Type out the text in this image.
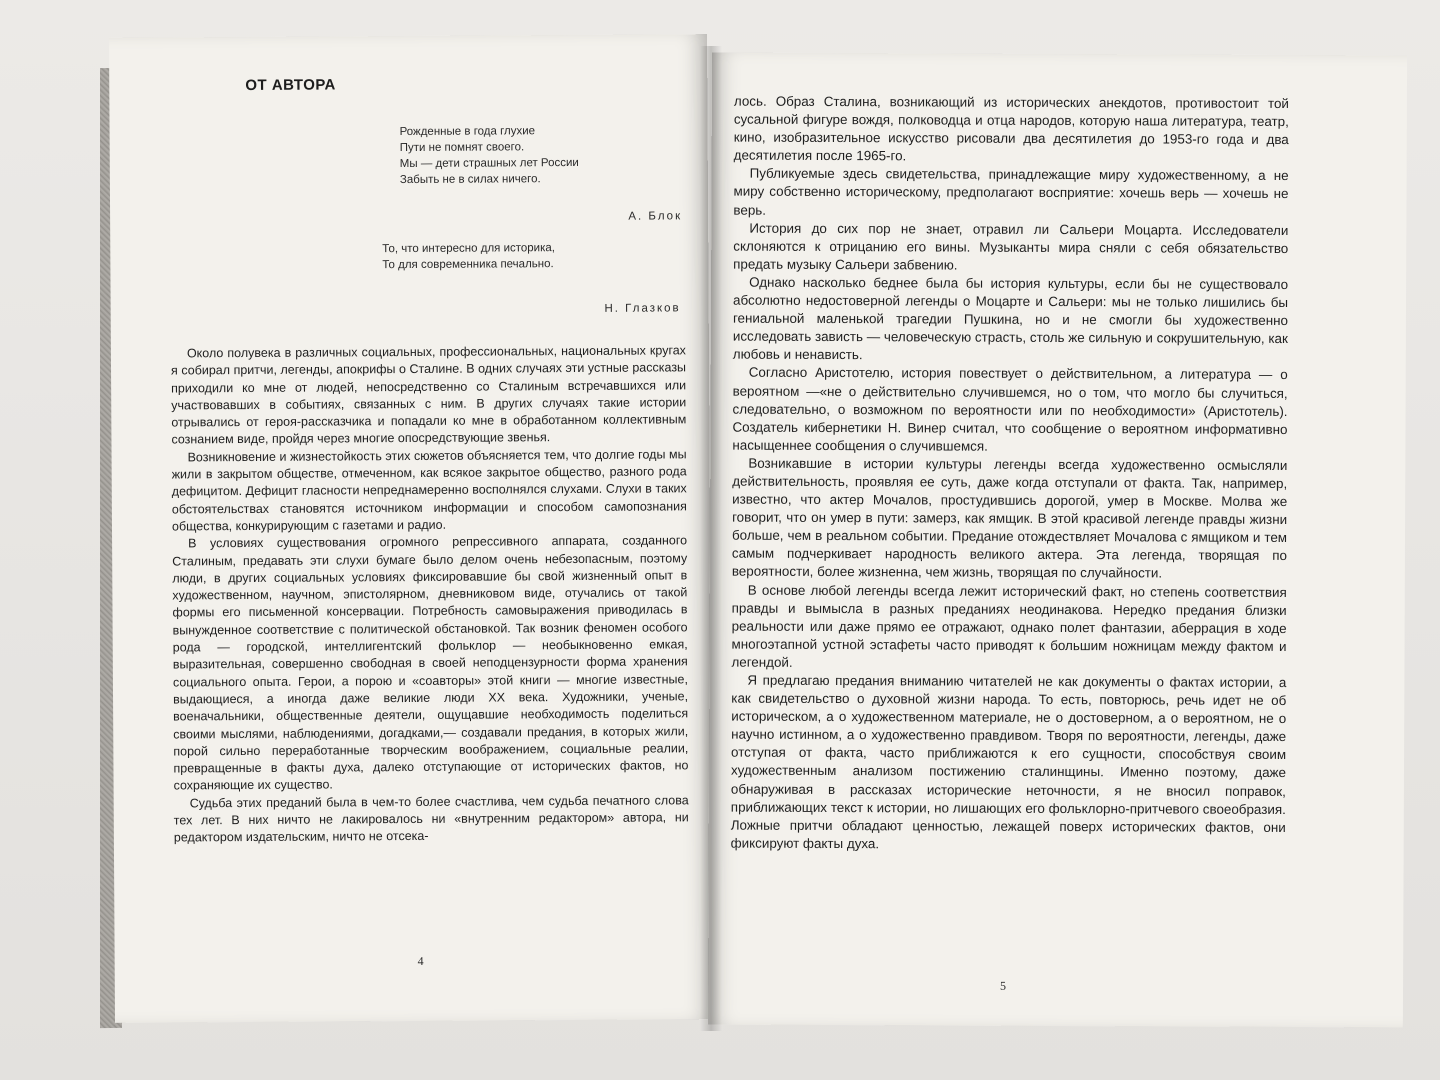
ОТ АВТОРА
Рожденные в года глухие
Пути не помнят своего.
Мы — дети страшных лет России
Забыть не в силах ничего.
А. Блок
То, что интересно для историка,
То для современника печально.
Н. Глазков

Около полувека в различных социальных, профессиональных, национальных кругах я собирал притчи, легенды, апокрифы о Сталине. В одних случаях эти устные рассказы приходили ко мне от людей, непосредственно со Сталиным встречавшихся или участвовавших в событиях, связанных с ним. В других случаях такие истории отрывались от героя-рассказчика и попадали ко мне в обработанном коллективным сознанием виде, пройдя через многие опосредствующие звенья.

Возникновение и жизнестойкость этих сюжетов объясняется тем, что долгие годы мы жили в закрытом обществе, отмеченном, как всякое закрытое общество, разного рода дефицитом. Дефицит гласности непреднамеренно восполнялся слухами. Слухи в таких обстоятельствах становятся источником информации и способом самопознания общества, конкурирующим с газетами и радио.

В условиях существования огромного репрессивного аппарата, созданного Сталиным, предавать эти слухи бумаге было делом очень небезопасным, поэтому люди, в других социальных условиях фиксировавшие бы свой жизненный опыт в художественном, научном, эпистолярном, дневниковом виде, отучались от такой формы его письменной консервации. Потребность самовыражения приводилась в вынужденное соответствие с политической обстановкой. Так возник феномен особого рода — городской, интеллигентский фольклор — необыкновенно емкая, выразительная, совершенно свободная в своей неподцензурности форма хранения социального опыта. Герои, а порою и «соавторы» этой книги — многие известные, выдающиеся, а иногда даже великие люди XX века. Художники, ученые, военачальники, общественные деятели, ощущавшие необходимость поделиться своими мыслями, наблюдениями, догадками,— создавали предания, в которых жили, порой сильно переработанные творческим воображением, социальные реалии, превращенные в факты духа, далеко отступающие от исторических фактов, но сохраняющие их существо.

Судьба этих преданий была в чем-то более счастлива, чем судьба печатного слова тех лет. В них ничто не лакировалось ни «внутренним редактором» автора, ни редактором издательским, ничто не отсека-

4

лось. Образ Сталина, возникающий из исторических анекдотов, противостоит той сусальной фигуре вождя, полководца и отца народов, которую наша литература, театр, кино, изобразительное искусство рисовали два десятилетия до 1953-го года и два десятилетия после 1965-го.

Публикуемые здесь свидетельства, принадлежащие миру художественному, а не миру собственно историческому, предполагают восприятие: хочешь верь — хочешь не верь.

История до сих пор не знает, отравил ли Сальери Моцарта. Исследователи склоняются к отрицанию его вины. Музыканты мира сняли с себя обязательство предать музыку Сальери забвению.

Однако насколько беднее была бы история культуры, если бы не существовало абсолютно недостоверной легенды о Моцарте и Сальери: мы не только лишились бы гениальной маленькой трагедии Пушкина, но и не смогли бы художественно исследовать зависть — человеческую страсть, столь же сильную и сокрушительную, как любовь и ненависть.

Согласно Аристотелю, история повествует о действительном, а литература — о вероятном —«не о действительно случившемся, но о том, что могло бы случиться, следовательно, о возможном по вероятности или по необходимости» (Аристотель). Создатель кибернетики Н. Винер считал, что сообщение о вероятном информативно насыщеннее сообщения о случившемся.

Возникавшие в истории культуры легенды всегда художественно осмысляли действительность, проявляя ее суть, даже когда отступали от факта. Так, например, известно, что актер Мочалов, простудившись дорогой, умер в Москве. Молва же говорит, что он умер в пути: замерз, как ямщик. В этой красивой легенде правды жизни больше, чем в реальном событии. Предание отождествляет Мочалова с ямщиком и тем самым подчеркивает народность великого актера. Эта легенда, творящая по вероятности, более жизненна, чем жизнь, творящая по случайности.

В основе любой легенды всегда лежит исторический факт, но степень соответствия правды и вымысла в разных преданиях неодинакова. Нередко предания близки реальности или даже прямо ее отражают, однако полет фантазии, аберрация в ходе многоэтапной устной эстафеты часто приводят к большим ножницам между фактом и легендой.

Я предлагаю предания вниманию читателей не как документы о фактах истории, а как свидетельство о духовной жизни народа. То есть, повторюсь, речь идет не об историческом, а о художественном материале, не о достоверном, а о вероятном, не о научно истинном, а о художественно правдивом. Творя по вероятности, легенды, даже отступая от факта, часто приближаются к его сущности, способствуя своим художественным анализом постижению сталинщины. Именно поэтому, даже обнаруживая в рассказах исторические неточности, я не вносил поправок, приближающих текст к истории, но лишающих его фольклорно-притчевого своеобразия. Ложные притчи обладают ценностью, лежащей поверх исторических фактов, они фиксируют факты духа.

5
